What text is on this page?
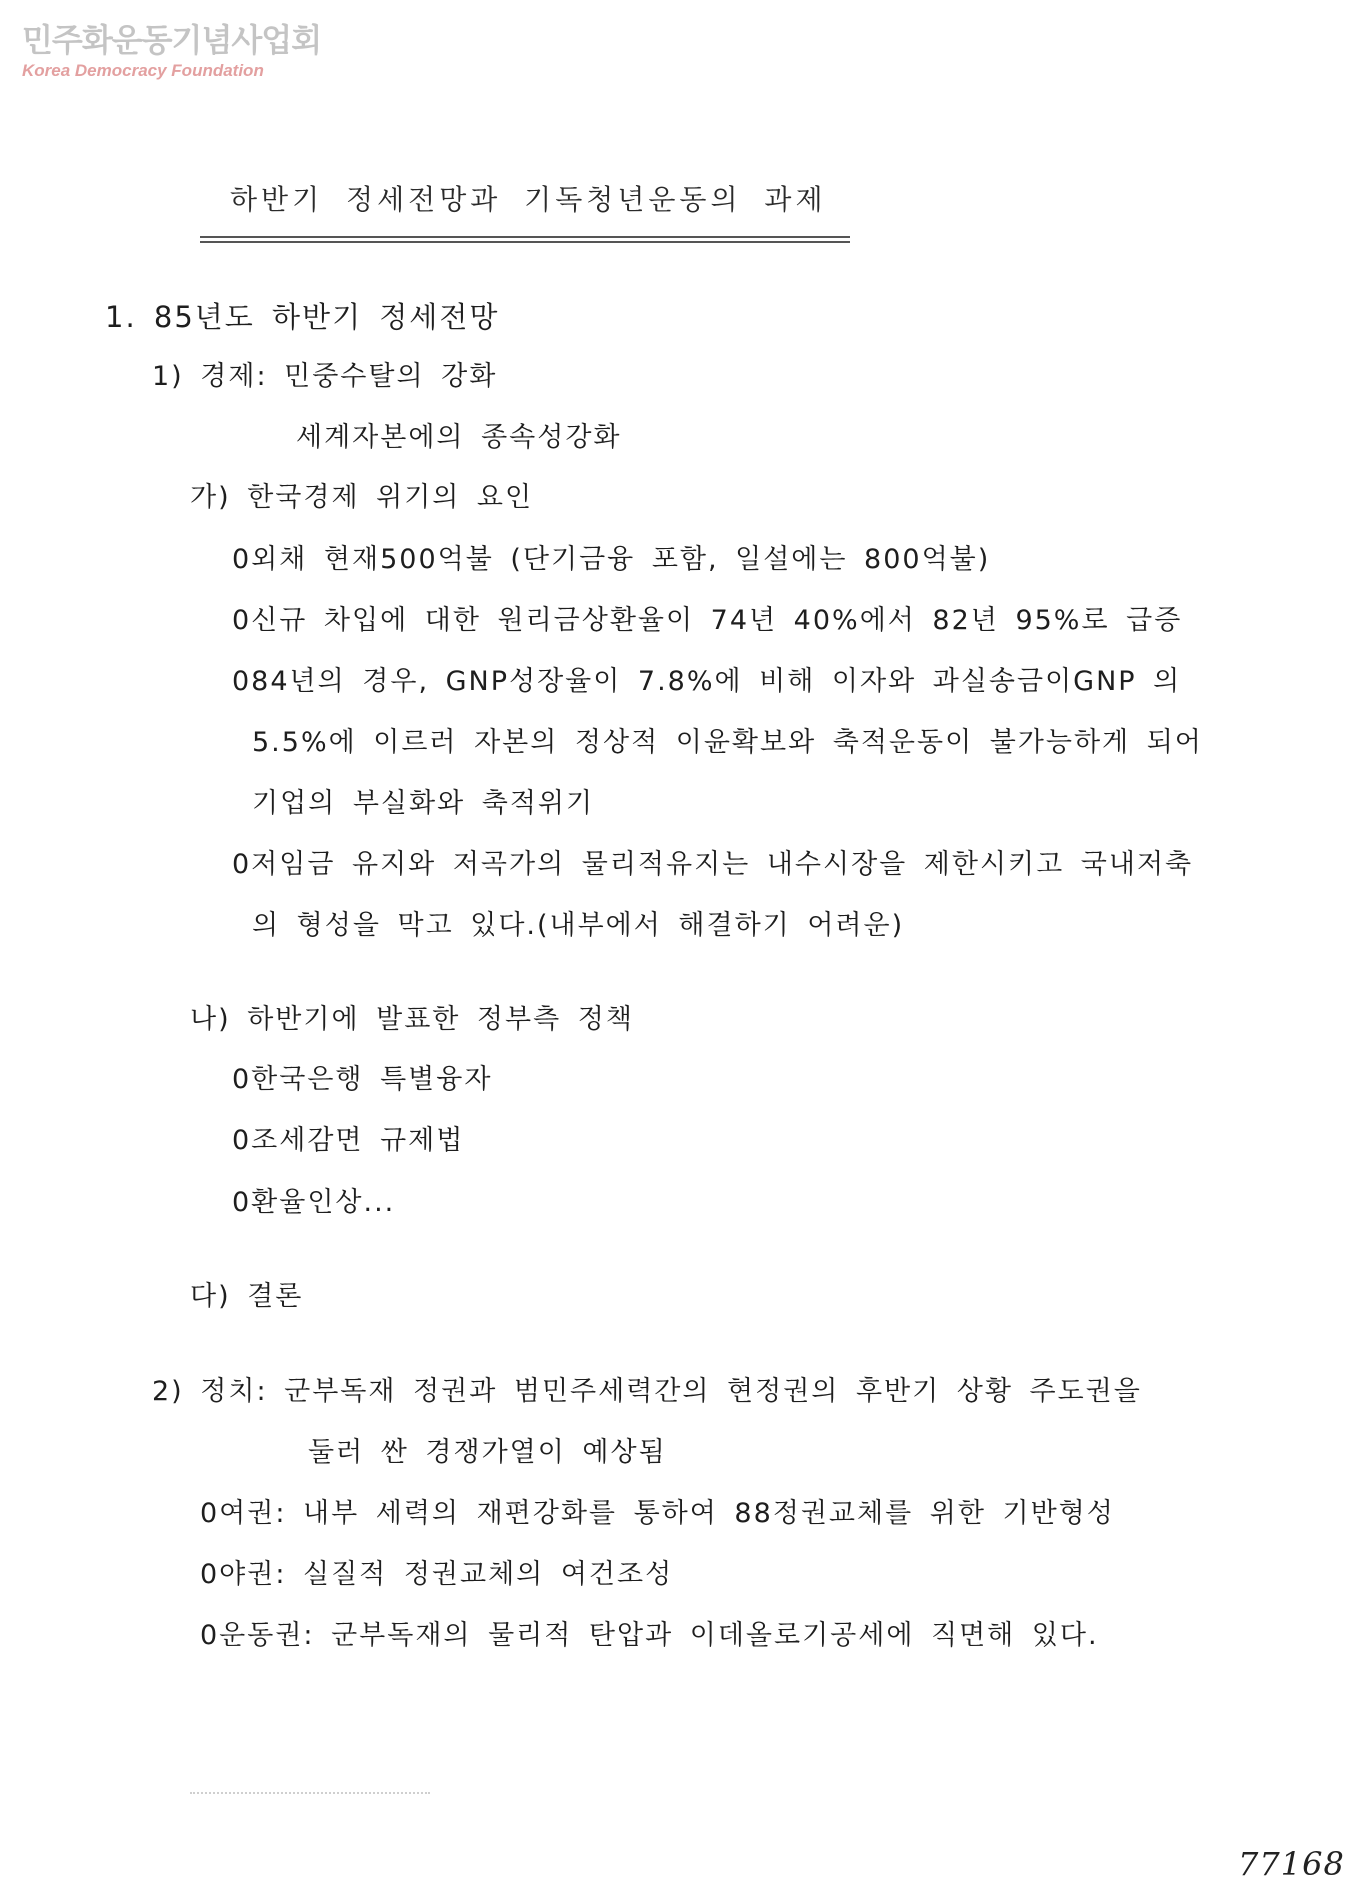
민주화운동기념사업회
Korea Democracy Foundation
하반기 정세전망과 기독청년운동의 과제
1. 85년도 하반기 정세전망
1) 경제: 민중수탈의 강화
세계자본에의 종속성강화
가) 한국경제 위기의 요인
0외채 현재500억불 (단기금융 포함, 일설에는 800억불)
0신규 차입에 대한 원리금상환율이 74년 40%에서 82년 95%로 급증
084년의 경우, GNP성장율이 7.8%에 비해 이자와 과실송금이GNP 의
5.5%에 이르러 자본의 정상적 이윤확보와 축적운동이 불가능하게 되어
기업의 부실화와 축적위기
0저임금 유지와 저곡가의 물리적유지는 내수시장을 제한시키고 국내저축
의 형성을 막고 있다.(내부에서 해결하기 어려운)
나) 하반기에 발표한 정부측 정책
0한국은행 특별융자
0조세감면 규제법
0환율인상...
다) 결론
2) 정치: 군부독재 정권과 범민주세력간의 현정권의 후반기 상황 주도권을
둘러 싼 경쟁가열이 예상됨
0여권: 내부 세력의 재편강화를 통하여 88정권교체를 위한 기반형성
0야권: 실질적 정권교체의 여건조성
0운동권: 군부독재의 물리적 탄압과 이데올로기공세에 직면해 있다.
77168
